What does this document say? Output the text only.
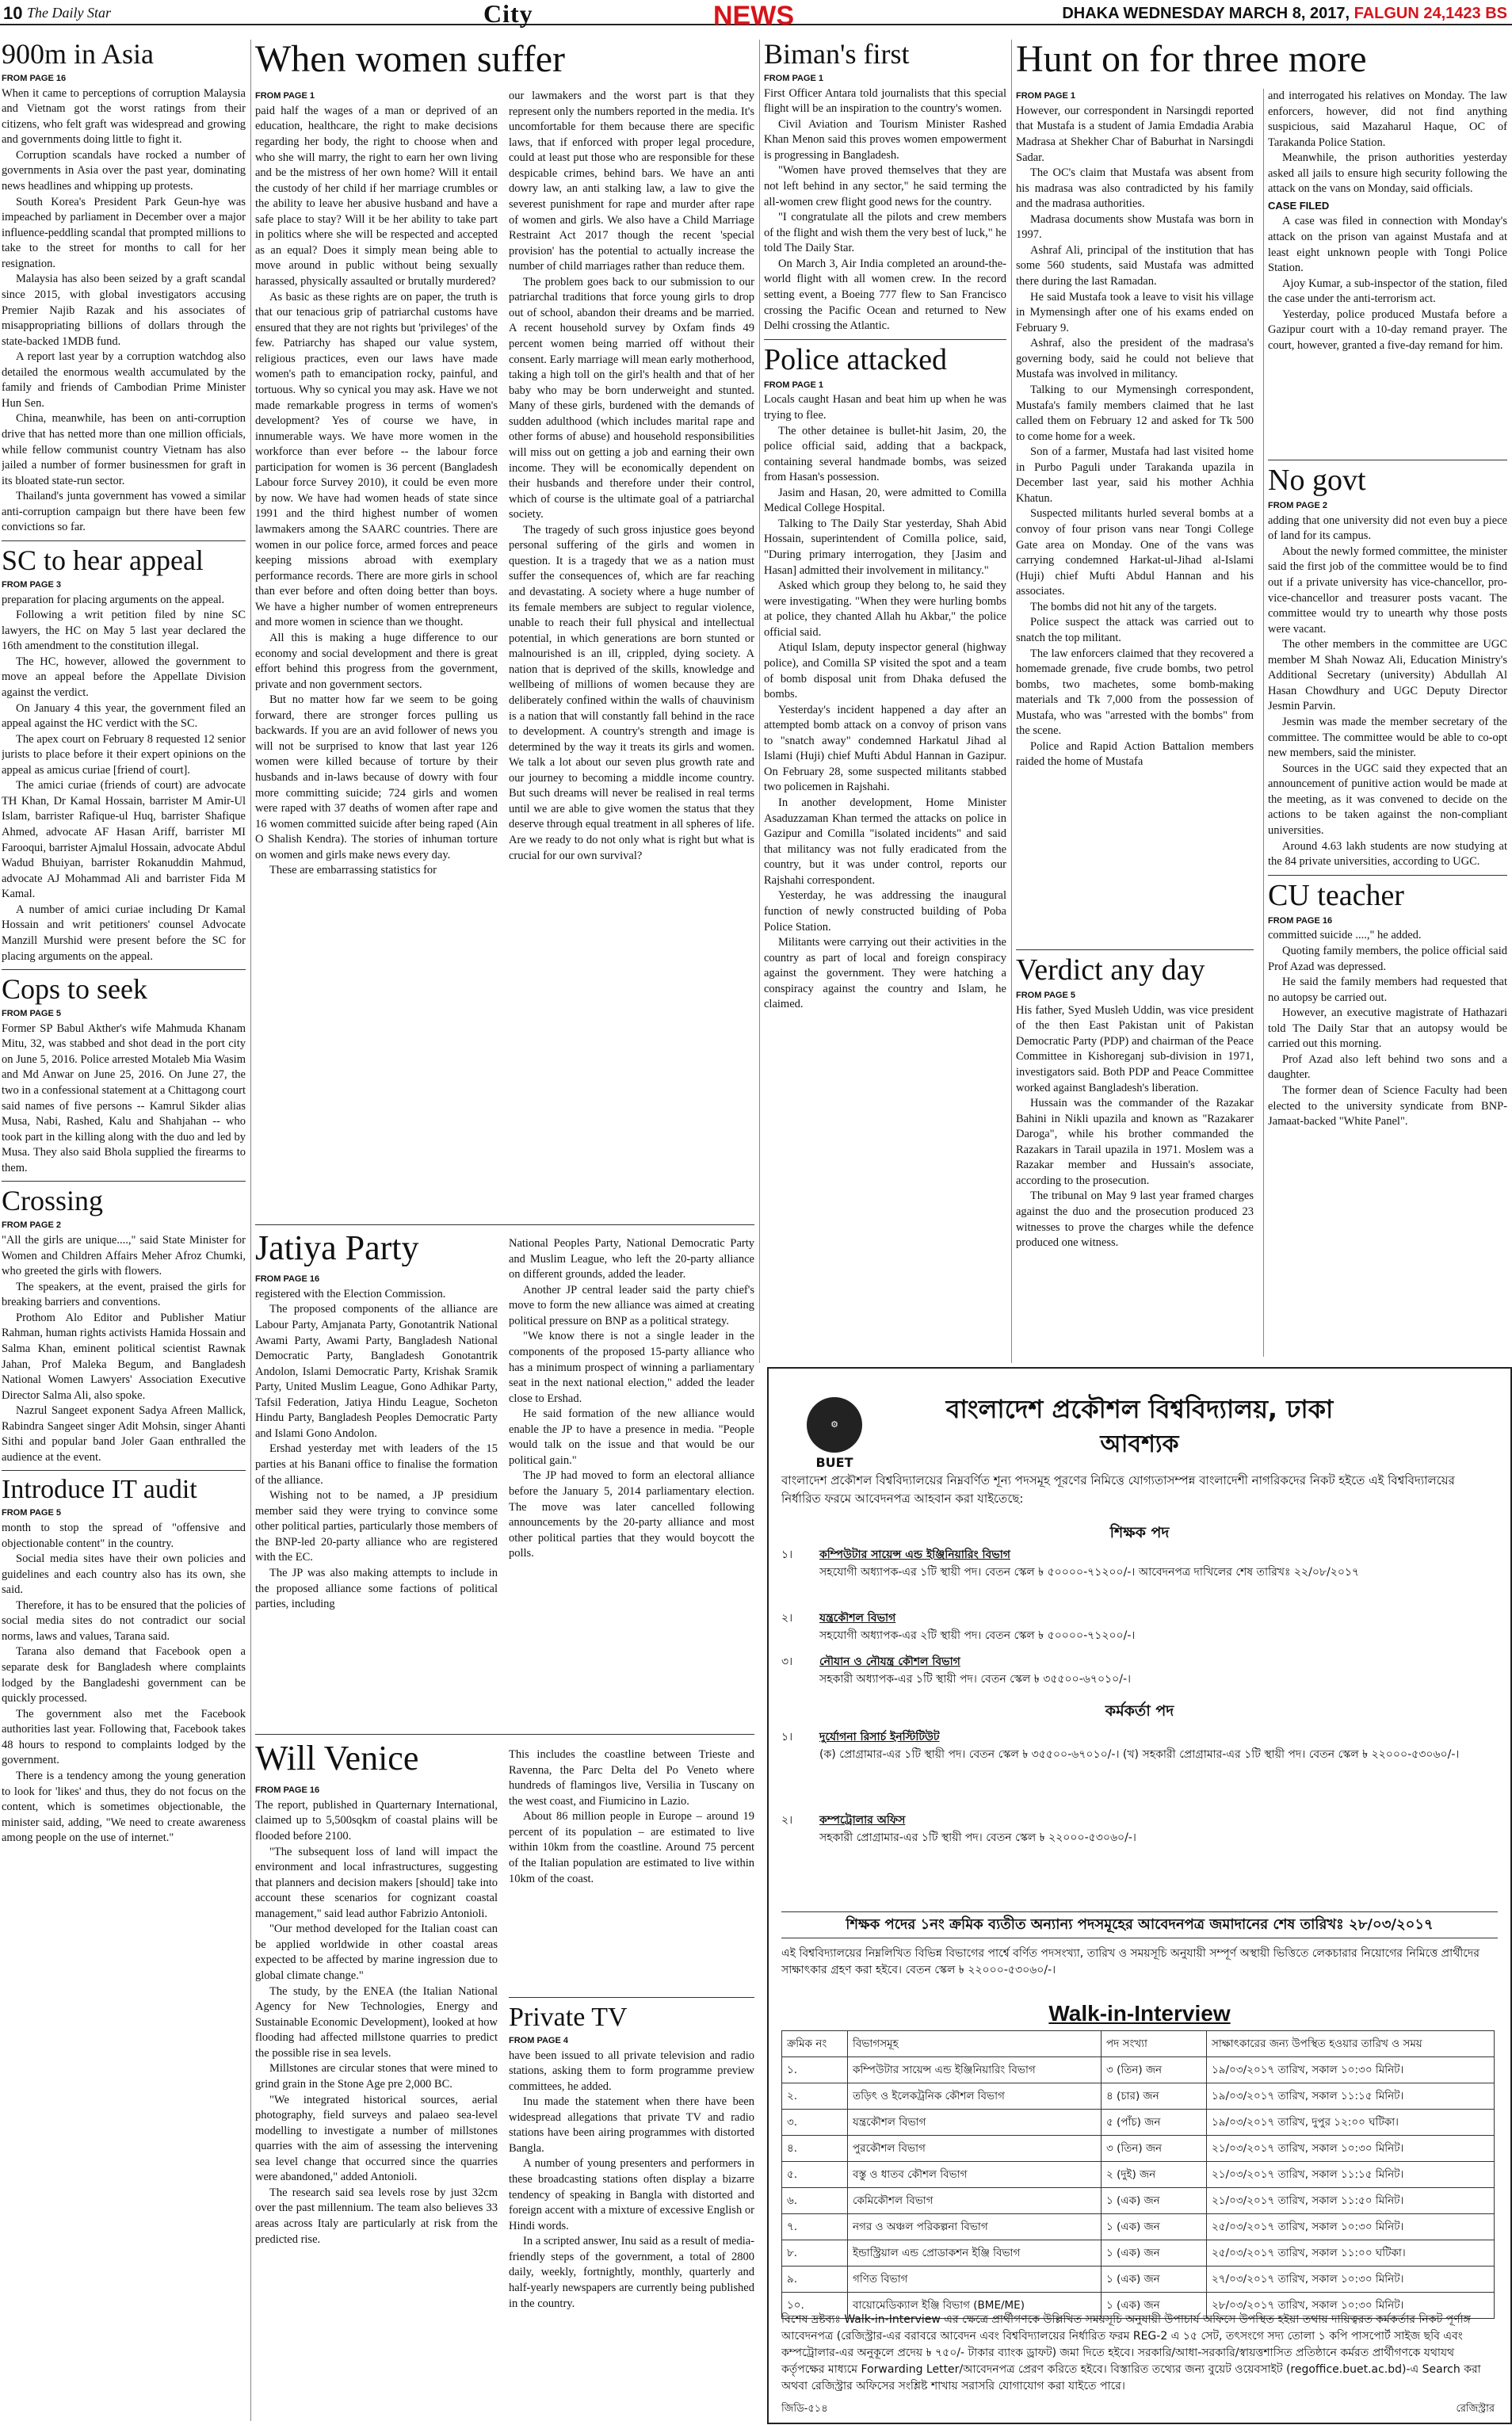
10 The Daily Star	City	NEWS	DHAKA WEDNESDAY MARCH 8, 2017, FALGUN 24,1423 BS
900m in Asia
FROM PAGE 16

When it came to perceptions of corruption Malaysia and Vietnam got the worst ratings from their citizens, who felt graft was widespread and growing and governments doing little to fight it.

Corruption scandals have rocked a number of governments in Asia over the past year, dominating news headlines and whipping up protests.

South Korea's President Park Geun-hye was impeached by parliament in December over a major influence-peddling scandal that prompted millions to take to the street for months to call for her resignation.

Malaysia has also been seized by a graft scandal since 2015, with global investigators accusing Premier Najib Razak and his associates of misappropriating billions of dollars through the state-backed 1MDB fund.

A report last year by a corruption watchdog also detailed the enormous wealth accumulated by the family and friends of Cambodian Prime Minister Hun Sen.

China, meanwhile, has been on anti-corruption drive that has netted more than one million officials, while fellow communist country Vietnam has also jailed a number of former businessmen for graft in its bloated state-run sector.

Thailand's junta government has vowed a similar anti-corruption campaign but there have been few convictions so far.

SC to hear appeal
FROM PAGE 3

preparation for placing arguments on the appeal.

Following a writ petition filed by nine SC lawyers, the HC on May 5 last year declared the 16th amendment to the constitution illegal.

The HC, however, allowed the government to move an appeal before the Appellate Division against the verdict.

On January 4 this year, the government filed an appeal against the HC verdict with the SC.

The apex court on February 8 requested 12 senior jurists to place before it their expert opinions on the appeal as amicus curiae [friend of court].

The amici curiae (friends of court) are advocate TH Khan, Dr Kamal Hossain, barrister M Amir-Ul Islam, barrister Rafique-ul Huq, barrister Shafique Ahmed, advocate AF Hasan Ariff, barrister MI Farooqui, barrister Ajmalul Hossain, advocate Abdul Wadud Bhuiyan, barrister Rokanuddin Mahmud, advocate AJ Mohammad Ali and barrister Fida M Kamal.

A number of amici curiae including Dr Kamal Hossain and writ petitioners' counsel Advocate Manzill Murshid were present before the SC for placing arguments on the appeal.

Cops to seek
FROM PAGE 5

Former SP Babul Akther's wife Mahmuda Khanam Mitu, 32, was stabbed and shot dead in the port city on June 5, 2016. Police arrested Motaleb Mia Wasim and Md Anwar on June 25, 2016. On June 27, the two in a confessional statement at a Chittagong court said names of five persons -- Kamrul Sikder alias Musa, Nabi, Rashed, Kalu and Shahjahan -- who took part in the killing along with the duo and led by Musa. They also said Bhola supplied the firearms to them.

Crossing
FROM PAGE 2

"All the girls are unique....," said State Minister for Women and Children Affairs Meher Afroz Chumki, who greeted the girls with flowers.

The speakers, at the event, praised the girls for breaking barriers and conventions.

Prothom Alo Editor and Publisher Matiur Rahman, human rights activists Hamida Hossain and Salma Khan, eminent political scientist Rawnak Jahan, Prof Maleka Begum, and Bangladesh National Women Lawyers' Association Executive Director Salma Ali, also spoke.

Nazrul Sangeet exponent Sadya Afreen Mallick, Rabindra Sangeet singer Adit Mohsin, singer Ahanti Sithi and popular band Joler Gaan enthralled the audience at the event.

Introduce IT audit
FROM PAGE 5

month to stop the spread of "offensive and objectionable content" in the country.

Social media sites have their own policies and guidelines and each country also has its own, she said.

Therefore, it has to be ensured that the policies of social media sites do not contradict our social norms, laws and values, Tarana said.

Tarana also demand that Facebook open a separate desk for Bangladesh where complaints lodged by the Bangladeshi government can be quickly processed.

The government also met the Facebook authorities last year. Following that, Facebook takes 48 hours to respond to complaints lodged by the government.

There is a tendency among the young generation to look for 'likes' and thus, they do not focus on the content, which is sometimes objectionable, the minister said, adding, "We need to create awareness among people on the use of internet."

When women suffer
FROM PAGE 1

paid half the wages of a man or deprived of an education, healthcare, the right to make decisions regarding her body, the right to choose when and who she will marry, the right to earn her own living and be the mistress of her own home? Will it entail the custody of her child if her marriage crumbles or the ability to leave her abusive husband and have a safe place to stay? Will it be her ability to take part in politics where she will be respected and accepted as an equal? Does it simply mean being able to move around in public without being sexually harassed, physically assaulted or brutally murdered?

As basic as these rights are on paper, the truth is that our tenacious grip of patriarchal customs have ensured that they are not rights but 'privileges' of the few. Patriarchy has shaped our value system, religious practices, even our laws have made women's path to emancipation rocky, painful, and tortuous. Why so cynical you may ask. Have we not made remarkable progress in terms of women's development? Yes of course we have, in innumerable ways. We have more women in the workforce than ever before -- the labour force participation for women is 36 percent (Bangladesh Labour force Survey 2010), it could be even more by now. We have had women heads of state since 1991 and the third highest number of women lawmakers among the SAARC countries. There are women in our police force, armed forces and peace keeping missions abroad with exemplary performance records. There are more girls in school than ever before and often doing better than boys. We have a higher number of women entrepreneurs and more women in science than we thought.

All this is making a huge difference to our economy and social development and there is great effort behind this progress from the government, private and non government sectors.

But no matter how far we seem to be going forward, there are stronger forces pulling us backwards. If you are an avid follower of news you will not be surprised to know that last year 126 women were killed because of torture by their husbands and in-laws because of dowry with four more committing suicide; 724 girls and women were raped with 37 deaths of women after rape and 16 women committed suicide after being raped (Ain O Shalish Kendra). The stories of inhuman torture on women and girls make news every day.

These are embarrassing statistics for

our lawmakers and the worst part is that they represent only the numbers reported in the media. It's uncomfortable for them because there are specific laws, that if enforced with proper legal procedure, could at least put those who are responsible for these despicable crimes, behind bars. We have an anti dowry law, an anti stalking law, a law to give the severest punishment for rape and murder after rape of women and girls. We also have a Child Marriage Restraint Act 2017 though the recent 'special provision' has the potential to actually increase the number of child marriages rather than reduce them.

The problem goes back to our submission to our patriarchal traditions that force young girls to drop out of school, abandon their dreams and be married. A recent household survey by Oxfam finds 49 percent women being married off without their consent. Early marriage will mean early motherhood, taking a high toll on the girl's health and that of her baby who may be born underweight and stunted. Many of these girls, burdened with the demands of sudden adulthood (which includes marital rape and other forms of abuse) and household responsibilities will miss out on getting a job and earning their own income. They will be economically dependent on their husbands and therefore under their control, which of course is the ultimate goal of a patriarchal society.

The tragedy of such gross injustice goes beyond personal suffering of the girls and women in question. It is a tragedy that we as a nation must suffer the consequences of, which are far reaching and devastating. A society where a huge number of its female members are subject to regular violence, unable to reach their full physical and intellectual potential, in which generations are born stunted or malnourished is an ill, crippled, dying society. A nation that is deprived of the skills, knowledge and wellbeing of millions of women because they are deliberately confined within the walls of chauvinism is a nation that will constantly fall behind in the race to development. A country's strength and image is determined by the way it treats its girls and women. We talk a lot about our seven plus growth rate and our journey to becoming a middle income country. But such dreams will never be realised in real terms until we are able to give women the status that they deserve through equal treatment in all spheres of life. Are we ready to do not only what is right but what is crucial for our own survival?

Jatiya Party
FROM PAGE 16

registered with the Election Commission.

The proposed components of the alliance are Labour Party, Amjanata Party, Gonotantrik National Awami Party, Awami Party, Bangladesh National Democratic Party, Bangladesh Gonotantrik Andolon, Islami Democratic Party, Krishak Sramik Party, United Muslim League, Gono Adhikar Party, Tafsil Federation, Jatiya Hindu League, Socheton Hindu Party, Bangladesh Peoples Democratic Party and Islami Gono Andolon.

Ershad yesterday met with leaders of the 15 parties at his Banani office to finalise the formation of the alliance.

Wishing not to be named, a JP presidium member said they were trying to convince some other political parties, particularly those members of the BNP-led 20-party alliance who are registered with the EC.

The JP was also making attempts to include in the proposed alliance some factions of political parties, including

National Peoples Party, National Democratic Party and Muslim League, who left the 20-party alliance on different grounds, added the leader.

Another JP central leader said the party chief's move to form the new alliance was aimed at creating political pressure on BNP as a political strategy.

"We know there is not a single leader in the components of the proposed 15-party alliance who has a minimum prospect of winning a parliamentary seat in the next national election," added the leader close to Ershad.

He said formation of the new alliance would enable the JP to have a presence in media. "People would talk on the issue and that would be our political gain."

The JP had moved to form an electoral alliance before the January 5, 2014 parliamentary election. The move was later cancelled following announcements by the 20-party alliance and most other political parties that they would boycott the polls.

Will Venice
FROM PAGE 16

The report, published in Quarternary International, claimed up to 5,500sqkm of coastal plains will be flooded before 2100.

"The subsequent loss of land will impact the environment and local infrastructures, suggesting that planners and decision makers [should] take into account these scenarios for cognizant coastal management," said lead author Fabrizio Antonioli.

"Our method developed for the Italian coast can be applied worldwide in other coastal areas expected to be affected by marine ingression due to global climate change."

The study, by the ENEA (the Italian National Agency for New Technologies, Energy and Sustainable Economic Development), looked at how flooding had affected millstone quarries to predict the possible rise in sea levels.

Millstones are circular stones that were mined to grind grain in the Stone Age pre 2,000 BC.

"We integrated historical sources, aerial photography, field surveys and palaeo sea-level modelling to investigate a number of millstones quarries with the aim of assessing the intervening sea level change that occurred since the quarries were abandoned," added Antonioli.

The research said sea levels rose by just 32cm over the past millennium. The team also believes 33 areas across Italy are particularly at risk from the predicted rise.

This includes the coastline between Trieste and Ravenna, the Parc Delta del Po Veneto where hundreds of flamingos live, Versilia in Tuscany on the west coast, and Fiumicino in Lazio.

About 86 million people in Europe – around 19 percent of its population – are estimated to live within 10km from the coastline. Around 75 percent of the Italian population are estimated to live within 10km of the coast.

Private TV
FROM PAGE 4

have been issued to all private television and radio stations, asking them to form programme preview committees, he added.

Inu made the statement when there have been widespread allegations that private TV and radio stations have been airing programmes with distorted Bangla.

A number of young presenters and performers in these broadcasting stations often display a bizarre tendency of speaking in Bangla with distorted and foreign accent with a mixture of excessive English or Hindi words.

In a scripted answer, Inu said as a result of media-friendly steps of the government, a total of 2800 daily, weekly, fortnightly, monthly, quarterly and half-yearly newspapers are currently being published in the country.

Biman's first
FROM PAGE 1

First Officer Antara told journalists that this special flight will be an inspiration to the country's women.

Civil Aviation and Tourism Minister Rashed Khan Menon said this proves women empowerment is progressing in Bangladesh.

"Women have proved themselves that they are not left behind in any sector," he said terming the all-women crew flight good news for the country.

"I congratulate all the pilots and crew members of the flight and wish them the very best of luck," he told The Daily Star.

On March 3, Air India completed an around-the-world flight with all women crew. In the record setting event, a Boeing 777 flew to San Francisco crossing the Pacific Ocean and returned to New Delhi crossing the Atlantic.

Police attacked
FROM PAGE 1

Locals caught Hasan and beat him up when he was trying to flee.

The other detainee is bullet-hit Jasim, 20, the police official said, adding that a backpack, containing several handmade bombs, was seized from Hasan's possession.

Jasim and Hasan, 20, were admitted to Comilla Medical College Hospital.

Talking to The Daily Star yesterday, Shah Abid Hossain, superintendent of Comilla police, said, "During primary interrogation, they [Jasim and Hasan] admitted their involvement in militancy."

Asked which group they belong to, he said they were investigating. "When they were hurling bombs at police, they chanted Allah hu Akbar," the police official said.

Atiqul Islam, deputy inspector general (highway police), and Comilla SP visited the spot and a team of bomb disposal unit from Dhaka defused the bombs.

Yesterday's incident happened a day after an attempted bomb attack on a convoy of prison vans to "snatch away" condemned Harkatul Jihad al Islami (Huji) chief Mufti Abdul Hannan in Gazipur. On February 28, some suspected militants stabbed two policemen in Rajshahi.

In another development, Home Minister Asaduzzaman Khan termed the attacks on police in Gazipur and Comilla "isolated incidents" and said that militancy was not fully eradicated from the country, but it was under control, reports our Rajshahi correspondent.

Yesterday, he was addressing the inaugural function of newly constructed building of Poba Police Station.

Militants were carrying out their activities in the country as part of local and foreign conspiracy against the government. They were hatching a conspiracy against the country and Islam, he claimed.

Hunt on for three more
FROM PAGE 1

However, our correspondent in Narsingdi reported that Mustafa is a student of Jamia Emdadia Arabia Madrasa at Shekher Char of Baburhat in Narsingdi Sadar.

The OC's claim that Mustafa was absent from his madrasa was also contradicted by his family and the madrasa authorities.

Madrasa documents show Mustafa was born in 1997.

Ashraf Ali, principal of the institution that has some 560 students, said Mustafa was admitted there during the last Ramadan.

He said Mustafa took a leave to visit his village in Mymensingh after one of his exams ended on February 9.

Ashraf, also the president of the madrasa's governing body, said he could not believe that Mustafa was involved in militancy.

Talking to our Mymensingh correspondent, Mustafa's family members claimed that he last called them on February 12 and asked for Tk 500 to come home for a week.

Son of a farmer, Mustafa had last visited home in Purbo Paguli under Tarakanda upazila in December last year, said his mother Achhia Khatun.

Suspected militants hurled several bombs at a convoy of four prison vans near Tongi College Gate area on Monday. One of the vans was carrying condemned Harkat-ul-Jihad al-Islami (Huji) chief Mufti Abdul Hannan and his associates.

The bombs did not hit any of the targets.

Police suspect the attack was carried out to snatch the top militant.

The law enforcers claimed that they recovered a homemade grenade, five crude bombs, two petrol bombs, two machetes, some bomb-making materials and Tk 7,000 from the possession of Mustafa, who was "arrested with the bombs" from the scene.

Police and Rapid Action Battalion members raided the home of Mustafa

and interrogated his relatives on Monday. The law enforcers, however, did not find anything suspicious, said Mazaharul Haque, OC of Tarakanda Police Station.

Meanwhile, the prison authorities yesterday asked all jails to ensure high security following the attack on the vans on Monday, said officials.

CASE FILED

A case was filed in connection with Monday's attack on the prison van against Mustafa and at least eight unknown people with Tongi Police Station.

Ajoy Kumar, a sub-inspector of the station, filed the case under the anti-terrorism act.

Yesterday, police produced Mustafa before a Gazipur court with a 10-day remand prayer. The court, however, granted a five-day remand for him.

Verdict any day
FROM PAGE 5

His father, Syed Musleh Uddin, was vice president of the then East Pakistan unit of Pakistan Democratic Party (PDP) and chairman of the Peace Committee in Kishoreganj sub-division in 1971, investigators said. Both PDP and Peace Committee worked against Bangladesh's liberation.

Hussain was the commander of the Razakar Bahini in Nikli upazila and known as "Razakarer Daroga", while his brother commanded the Razakars in Tarail upazila in 1971. Moslem was a Razakar member and Hussain's associate, according to the prosecution.

The tribunal on May 9 last year framed charges against the duo and the prosecution produced 23 witnesses to prove the charges while the defence produced one witness.

No govt
FROM PAGE 2

adding that one university did not even buy a piece of land for its campus.

About the newly formed committee, the minister said the first job of the committee would be to find out if a private university has vice-chancellor, pro-vice-chancellor and treasurer posts vacant. The committee would try to unearth why those posts were vacant.

The other members in the committee are UGC member M Shah Nowaz Ali, Education Ministry's Additional Secretary (university) Abdullah Al Hasan Chowdhury and UGC Deputy Director Jesmin Parvin.

Jesmin was made the member secretary of the committee. The committee would be able to co-opt new members, said the minister.

Sources in the UGC said they expected that an announcement of punitive action would be made at the meeting, as it was convened to decide on the actions to be taken against the non-compliant universities.

Around 4.63 lakh students are now studying at the 84 private universities, according to UGC.

CU teacher
FROM PAGE 16

committed suicide ....," he added.

Quoting family members, the police official said Prof Azad was depressed.

He said the family members had requested that no autopsy be carried out.

However, an executive magistrate of Hathazari told The Daily Star that an autopsy would be carried out this morning.

Prof Azad also left behind two sons and a daughter.

The former dean of Science Faculty had been elected to the university syndicate from BNP-Jamaat-backed "White Panel".

⚙
BUET
বাংলাদেশ প্রকৌশল বিশ্ববিদ্যালয়, ঢাকা
আবশ্যক
বাংলাদেশ প্রকৌশল বিশ্ববিদ্যালয়ের নিম্নবর্ণিত শূন্য পদসমূহ পূরণের নিমিত্তে যোগ্যতাসম্পন্ন বাংলাদেশী নাগরিকদের নিকট হইতে এই বিশ্ববিদ্যালয়ের নির্ধারিত ফরমে আবেদনপত্র আহবান করা যাইতেছে:
শিক্ষক পদ
১। কম্পিউটার সায়েন্স এন্ড ইঞ্জিনিয়ারিং বিভাগ
সহযোগী অধ্যাপক-এর ১টি স্থায়ী পদ। বেতন স্কেল ৳ ৫০০০০-৭১২০০/-। আবেদনপত্র দাখিলের শেষ তারিখঃ ২২/০৮/২০১৭
২। যন্ত্রকৌশল বিভাগ
সহযোগী অধ্যাপক-এর ২টি স্থায়ী পদ। বেতন স্কেল ৳ ৫০০০০-৭১২০০/-।
৩। নৌযান ও নৌযন্ত্র কৌশল বিভাগ
সহকারী অধ্যাপক-এর ১টি স্থায়ী পদ। বেতন স্কেল ৳ ৩৫৫০০-৬৭০১০/-।
কর্মকর্তা পদ
১। দুর্যোগনা রিসার্চ ইনস্টিটিউট
(ক) প্রোগ্রামার-এর ১টি স্থায়ী পদ। বেতন স্কেল ৳ ৩৫৫০০-৬৭০১০/-। (খ) সহকারী প্রোগ্রামার-এর ১টি স্থায়ী পদ। বেতন স্কেল ৳ ২২০০০-৫৩০৬০/-।
২। কম্পট্রোলার অফিস
সহকারী প্রোগ্রামার-এর ১টি স্থায়ী পদ। বেতন স্কেল ৳ ২২০০০-৫৩০৬০/-।
শিক্ষক পদের ১নং ক্রমিক ব্যতীত অন্যান্য পদসমূহের আবেদনপত্র জমাদানের শেষ তারিখঃ ২৮/০৩/২০১৭
এই বিশ্ববিদ্যালয়ের নিম্নলিখিত বিভিন্ন বিভাগের পার্শ্বে বর্ণিত পদসংখ্যা, তারিখ ও সময়সূচি অনুযায়ী সম্পূর্ণ অস্থায়ী ভিত্তিতে লেকচারার নিয়োগের নিমিত্তে প্রার্থীদের সাক্ষাৎকার গ্রহণ করা হইবে। বেতন স্কেল ৳ ২২০০০-৫৩০৬০/-।
Walk-in-Interview
ক্রমিক নং	বিভাগসমূহ	পদ সংখ্যা	সাক্ষাৎকারের জন্য উপস্থিত হওয়ার তারিখ ও সময়
১.	কম্পিউটার সায়েন্স এন্ড ইঞ্জিনিয়ারিং বিভাগ	৩ (তিন) জন	১৯/০৩/২০১৭ তারিখ, সকাল ১০:৩০ মিনিট।
২.	তড়িৎ ও ইলেকট্রনিক কৌশল বিভাগ	৪ (চার) জন	১৯/০৩/২০১৭ তারিখ, সকাল ১১:১৫ মিনিট।
৩.	যন্ত্রকৌশল বিভাগ	৫ (পাঁচ) জন	১৯/০৩/২০১৭ তারিখ, দুপুর ১২:০০ ঘটিকা।
৪.	পুরকৌশল বিভাগ	৩ (তিন) জন	২১/০৩/২০১৭ তারিখ, সকাল ১০:৩০ মিনিট।
৫.	বস্তু ও ধাতব কৌশল বিভাগ	২ (দুই) জন	২১/০৩/২০১৭ তারিখ, সকাল ১১:১৫ মিনিট।
৬.	কেমিকৌশল বিভাগ	১ (এক) জন	২১/০৩/২০১৭ তারিখ, সকাল ১১:৫০ মিনিট।
৭.	নগর ও অঞ্চল পরিকল্পনা বিভাগ	১ (এক) জন	২৫/০৩/২০১৭ তারিখ, সকাল ১০:৩০ মিনিট।
৮.	ইন্ডাস্ট্রিয়াল এন্ড প্রোডাকশন ইঞ্জি বিভাগ	১ (এক) জন	২৫/০৩/২০১৭ তারিখ, সকাল ১১:০০ ঘটিকা।
৯.	গণিত বিভাগ	১ (এক) জন	২৭/০৩/২০১৭ তারিখ, সকাল ১০:৩০ মিনিট।
১০.	বায়োমেডিক্যাল ইঞ্জি বিভাগ (BME/ME)	১ (এক) জন	২৮/০৩/২০১৭ তারিখ, সকাল ১০:৩০ মিনিট।
বিশেষ দ্রষ্টব্যঃ Walk-in-Interview এর ক্ষেত্রে প্রার্থীগণকে উল্লিখিত সময়সূচি অনুযায়ী উপাচার্য অফিসে উপস্থিত হইয়া তথায় দায়িত্বরত কর্মকর্তার নিকট পূর্ণাঙ্গ আবেদনপত্র (রেজিস্ট্রার-এর বরাবরে আবেদন এবং বিশ্ববিদ্যালয়ের নির্ধারিত ফরম REG-2 এ ১৫ সেট, তৎসংগে সদ্য তোলা ১ কপি পাসপোর্ট সাইজ ছবি এবং কম্পট্রোলার-এর অনুকূলে প্রদেয় ৳ ৭৫০/- টাকার ব্যাংক ড্রাফট) জমা দিতে হইবে। সরকারি/আধা-সরকারি/স্বায়ত্তশাসিত প্রতিষ্ঠানে কর্মরত প্রার্থীগণকে যথাযথ কর্তৃপক্ষের মাধ্যমে Forwarding Letter/আবেদনপত্র প্রেরণ করিতে হইবে। বিস্তারিত তথ্যের জন্য বুয়েট ওয়েবসাইট (regoffice.buet.ac.bd)-এ Search করা অথবা রেজিস্ট্রার অফিসের সংশ্লিষ্ট শাখায় সরাসরি যোগাযোগ করা যাইতে পারে।
জিডি-৫১৪	রেজিস্ট্রার
